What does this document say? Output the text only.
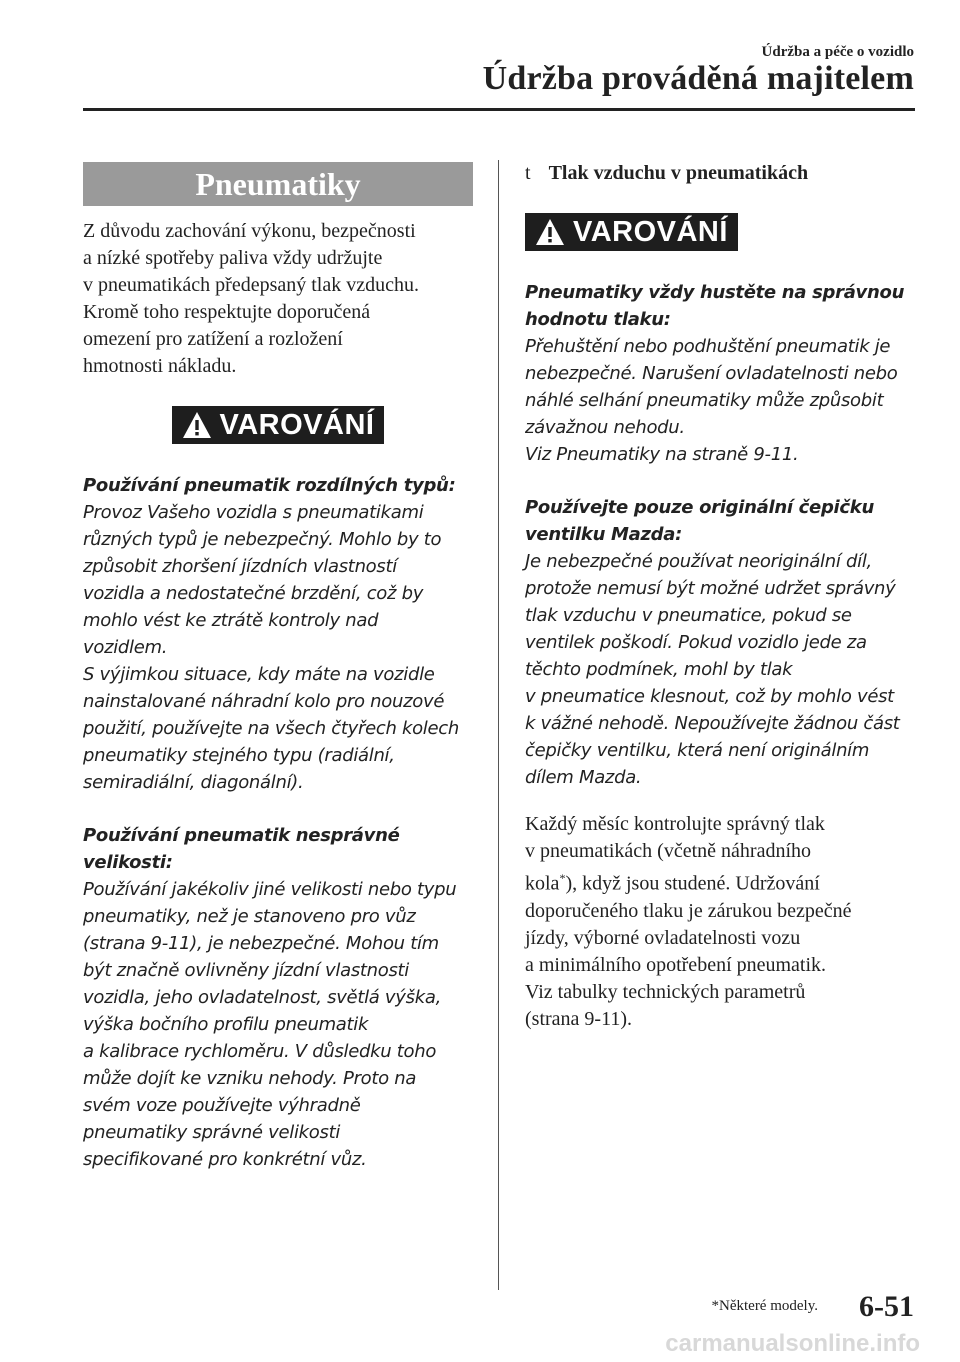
Údržba a péče o vozidlo
Údržba prováděná majitelem
Pneumatiky

Z důvodu zachování výkonu, bezpečnosti

a nízké spotřeby paliva vždy udržujte

v pneumatikách předepsaný tlak vzduchu.

Kromě toho respektujte doporučená

omezení pro zatížení a rozložení

hmotnosti nákladu.

VAROVÁNÍ

Používání pneumatik rozdílných typů:

Provoz Vašeho vozidla s pneumatikami
různých typů je nebezpečný. Mohlo by to
způsobit zhoršení jízdních vlastností
vozidla a nedostatečné brzdění, což by
mohlo vést ke ztrátě kontroly nad
vozidlem.
S výjimkou situace, kdy máte na vozidle
nainstalované náhradní kolo pro nouzové
použití, používejte na všech čtyřech kolech
pneumatiky stejného typu (radiální,
semiradiální, diagonální).

Používání pneumatik nesprávné velikosti:

Používání jakékoliv jiné velikosti nebo typu
pneumatiky, než je stanoveno pro vůz
(strana 9-11), je nebezpečné. Mohou tím
být značně ovlivněny jízdní vlastnosti
vozidla, jeho ovladatelnost, světlá výška,
výška bočního profilu pneumatik
a kalibrace rychloměru. V důsledku toho
může dojít ke vzniku nehody. Proto na
svém voze používejte výhradně
pneumatiky správné velikosti
specifikované pro konkrétní vůz.
t Tlak vzduchu v pneumatikách
VAROVÁNÍ
Pneumatiky vždy hustěte na správnou
hodnotu tlaku:
Přehuštění nebo podhuštění pneumatik je
nebezpečné. Narušení ovladatelnosti nebo
náhlé selhání pneumatiky může způsobit
závažnou nehodu.
Viz Pneumatiky na straně 9-11.
Používejte pouze originální čepičku
ventilku Mazda:
Je nebezpečné používat neoriginální díl,
protože nemusí být možné udržet správný
tlak vzduchu v pneumatice, pokud se
ventilek poškodí. Pokud vozidlo jede za
těchto podmínek, mohl by tlak
v pneumatice klesnout, což by mohlo vést
k vážné nehodě. Nepoužívejte žádnou část
čepičky ventilku, která není originálním
dílem Mazda.

Každý měsíc kontrolujte správný tlak

v pneumatikách (včetně náhradního

kola*), když jsou studené. Udržování

doporučeného tlaku je zárukou bezpečné

jízdy, výborné ovladatelnosti vozu

a minimálního opotřebení pneumatik.

Viz tabulky technických parametrů

(strana 9-11).

*Některé modely. 6-51
carmanualsonline.info
